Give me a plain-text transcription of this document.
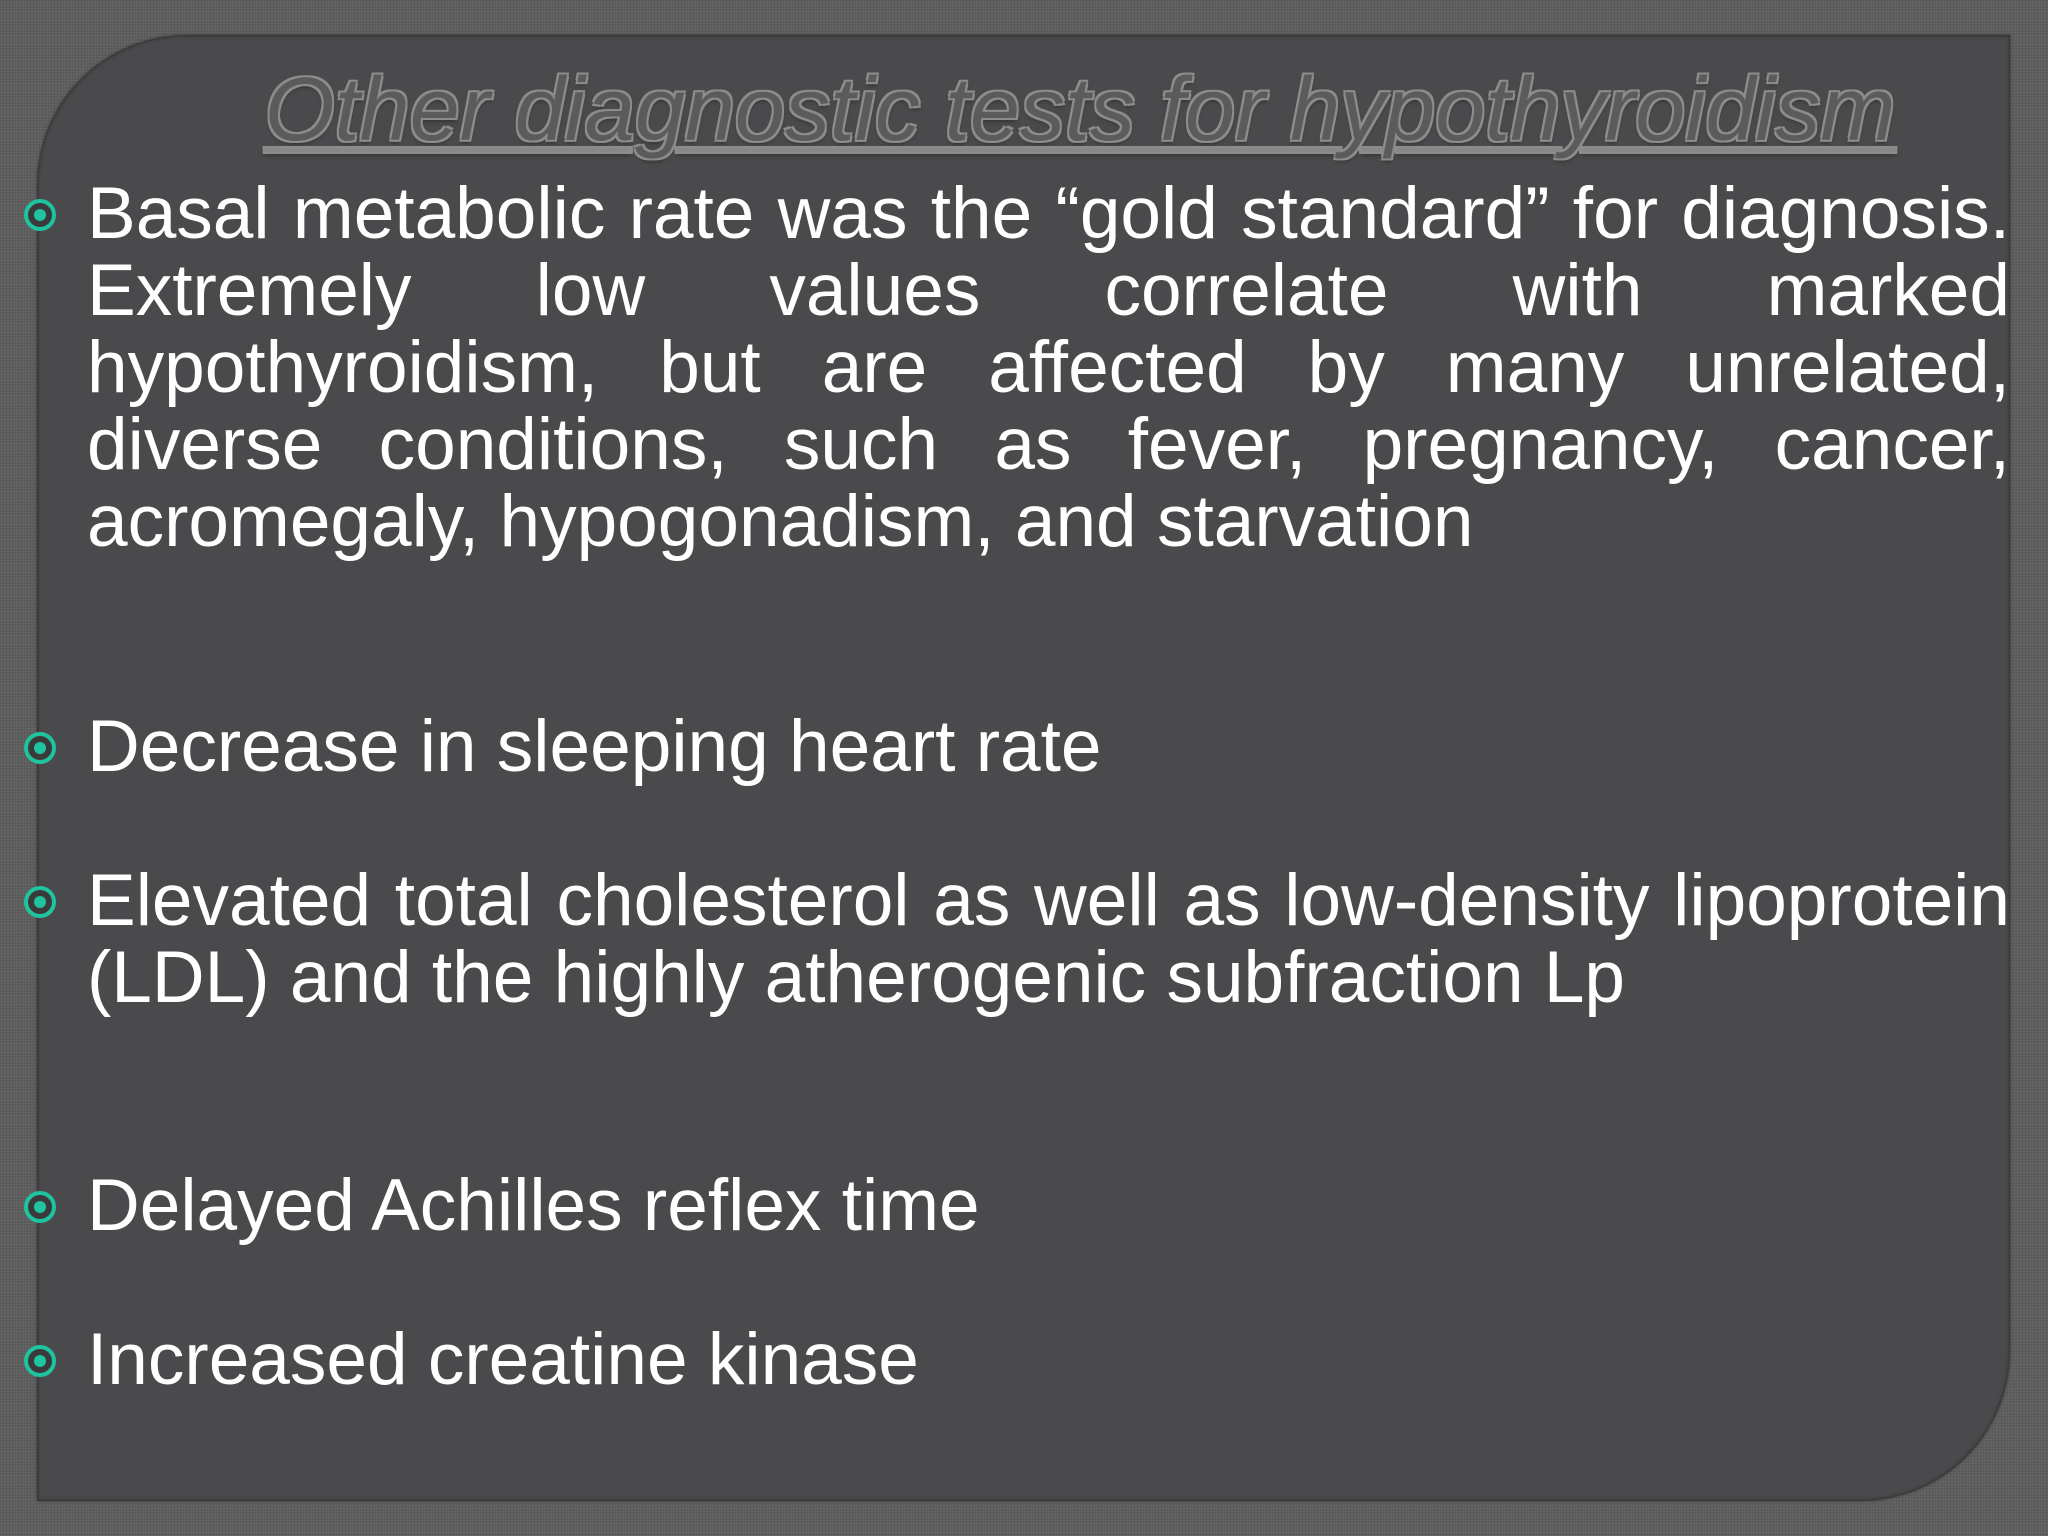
Other diagnostic tests for hypothyroidism
Basal metabolic rate was the “gold standard” for diagnosis. Extremely low values correlate with marked hypothyroidism, but are affected by many unrelated, diverse conditions, such as fever, pregnancy, cancer, acromegaly, hypogonadism, and starvation
Decrease in sleeping heart rate
Elevated total cholesterol as well as low-density lipoprotein (LDL) and the highly atherogenic subfraction Lp
Delayed Achilles reflex time
Increased creatine kinase
